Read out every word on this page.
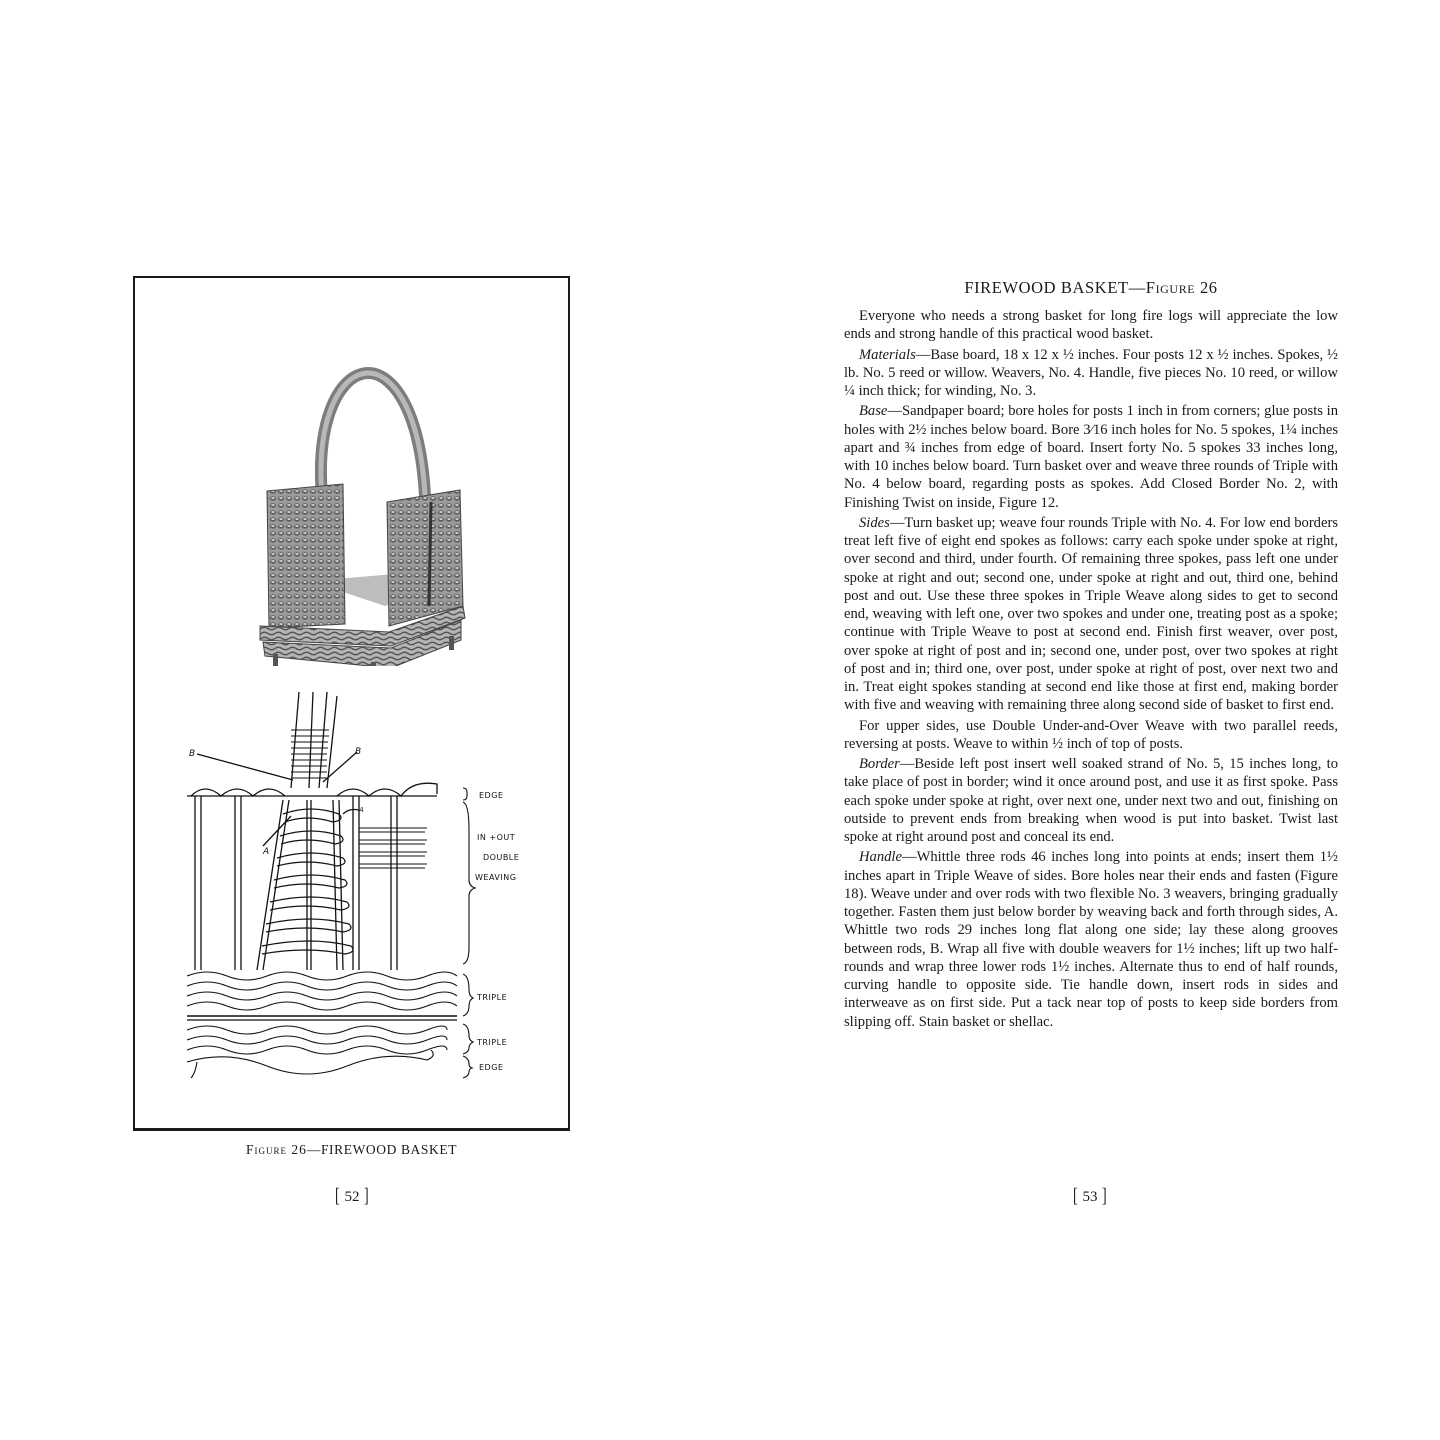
B	B
A
A
EDGE
IN +OUT
DOUBLE
WEAVING
TRIPLE
TRIPLE
EDGE
Figure 26—FIREWOOD BASKET
[ 52 ]
FIREWOOD BASKET—Figure 26

Everyone who needs a strong basket for long fire logs will appreciate the low ends and strong handle of this practical wood basket.

Materials—Base board, 18 x 12 x ½ inches. Four posts 12 x ½ inches. Spokes, ½ lb. No. 5 reed or willow. Weavers, No. 4. Handle, five pieces No. 10 reed, or willow ¼ inch thick; for winding, No. 3.

Base—Sandpaper board; bore holes for posts 1 inch in from corners; glue posts in holes with 2½ inches below board. Bore 3⁄16 inch holes for No. 5 spokes, 1¼ inches apart and ¾ inches from edge of board. Insert forty No. 5 spokes 33 inches long, with 10 inches below board. Turn basket over and weave three rounds of Triple with No. 4 below board, regarding posts as spokes. Add Closed Border No. 2, with Finishing Twist on inside, Figure 12.

Sides—Turn basket up; weave four rounds Triple with No. 4. For low end borders treat left five of eight end spokes as follows: carry each spoke under spoke at right, over second and third, under fourth. Of remaining three spokes, pass left one under spoke at right and out; second one, under spoke at right and out, third one, behind post and out. Use these three spokes in Triple Weave along sides to get to second end, weaving with left one, over two spokes and under one, treating post as a spoke; continue with Triple Weave to post at second end. Finish first weaver, over post, over spoke at right of post and in; second one, under post, over two spokes at right of post and in; third one, over post, under spoke at right of post, over next two and in. Treat eight spokes standing at second end like those at first end, making border with five and weaving with remaining three along second side of basket to first end.

For upper sides, use Double Under-and-Over Weave with two parallel reeds, reversing at posts. Weave to within ½ inch of top of posts.

Border—Beside left post insert well soaked strand of No. 5, 15 inches long, to take place of post in border; wind it once around post, and use it as first spoke. Pass each spoke under spoke at right, over next one, under next two and out, finishing on outside to prevent ends from breaking when wood is put into basket. Twist last spoke at right around post and conceal its end.

Handle—Whittle three rods 46 inches long into points at ends; insert them 1½ inches apart in Triple Weave of sides. Bore holes near their ends and fasten (Figure 18). Weave under and over rods with two flexible No. 3 weavers, bringing gradually together. Fasten them just below border by weaving back and forth through sides, A. Whittle two rods 29 inches long flat along one side; lay these along grooves between rods, B. Wrap all five with double weavers for 1½ inches; lift up two half-rounds and wrap three lower rods 1½ inches. Alternate thus to end of half rounds, curving handle to opposite side. Tie handle down, insert rods in sides and interweave as on first side. Put a tack near top of posts to keep side borders from slipping off. Stain basket or shellac.

[ 53 ]
